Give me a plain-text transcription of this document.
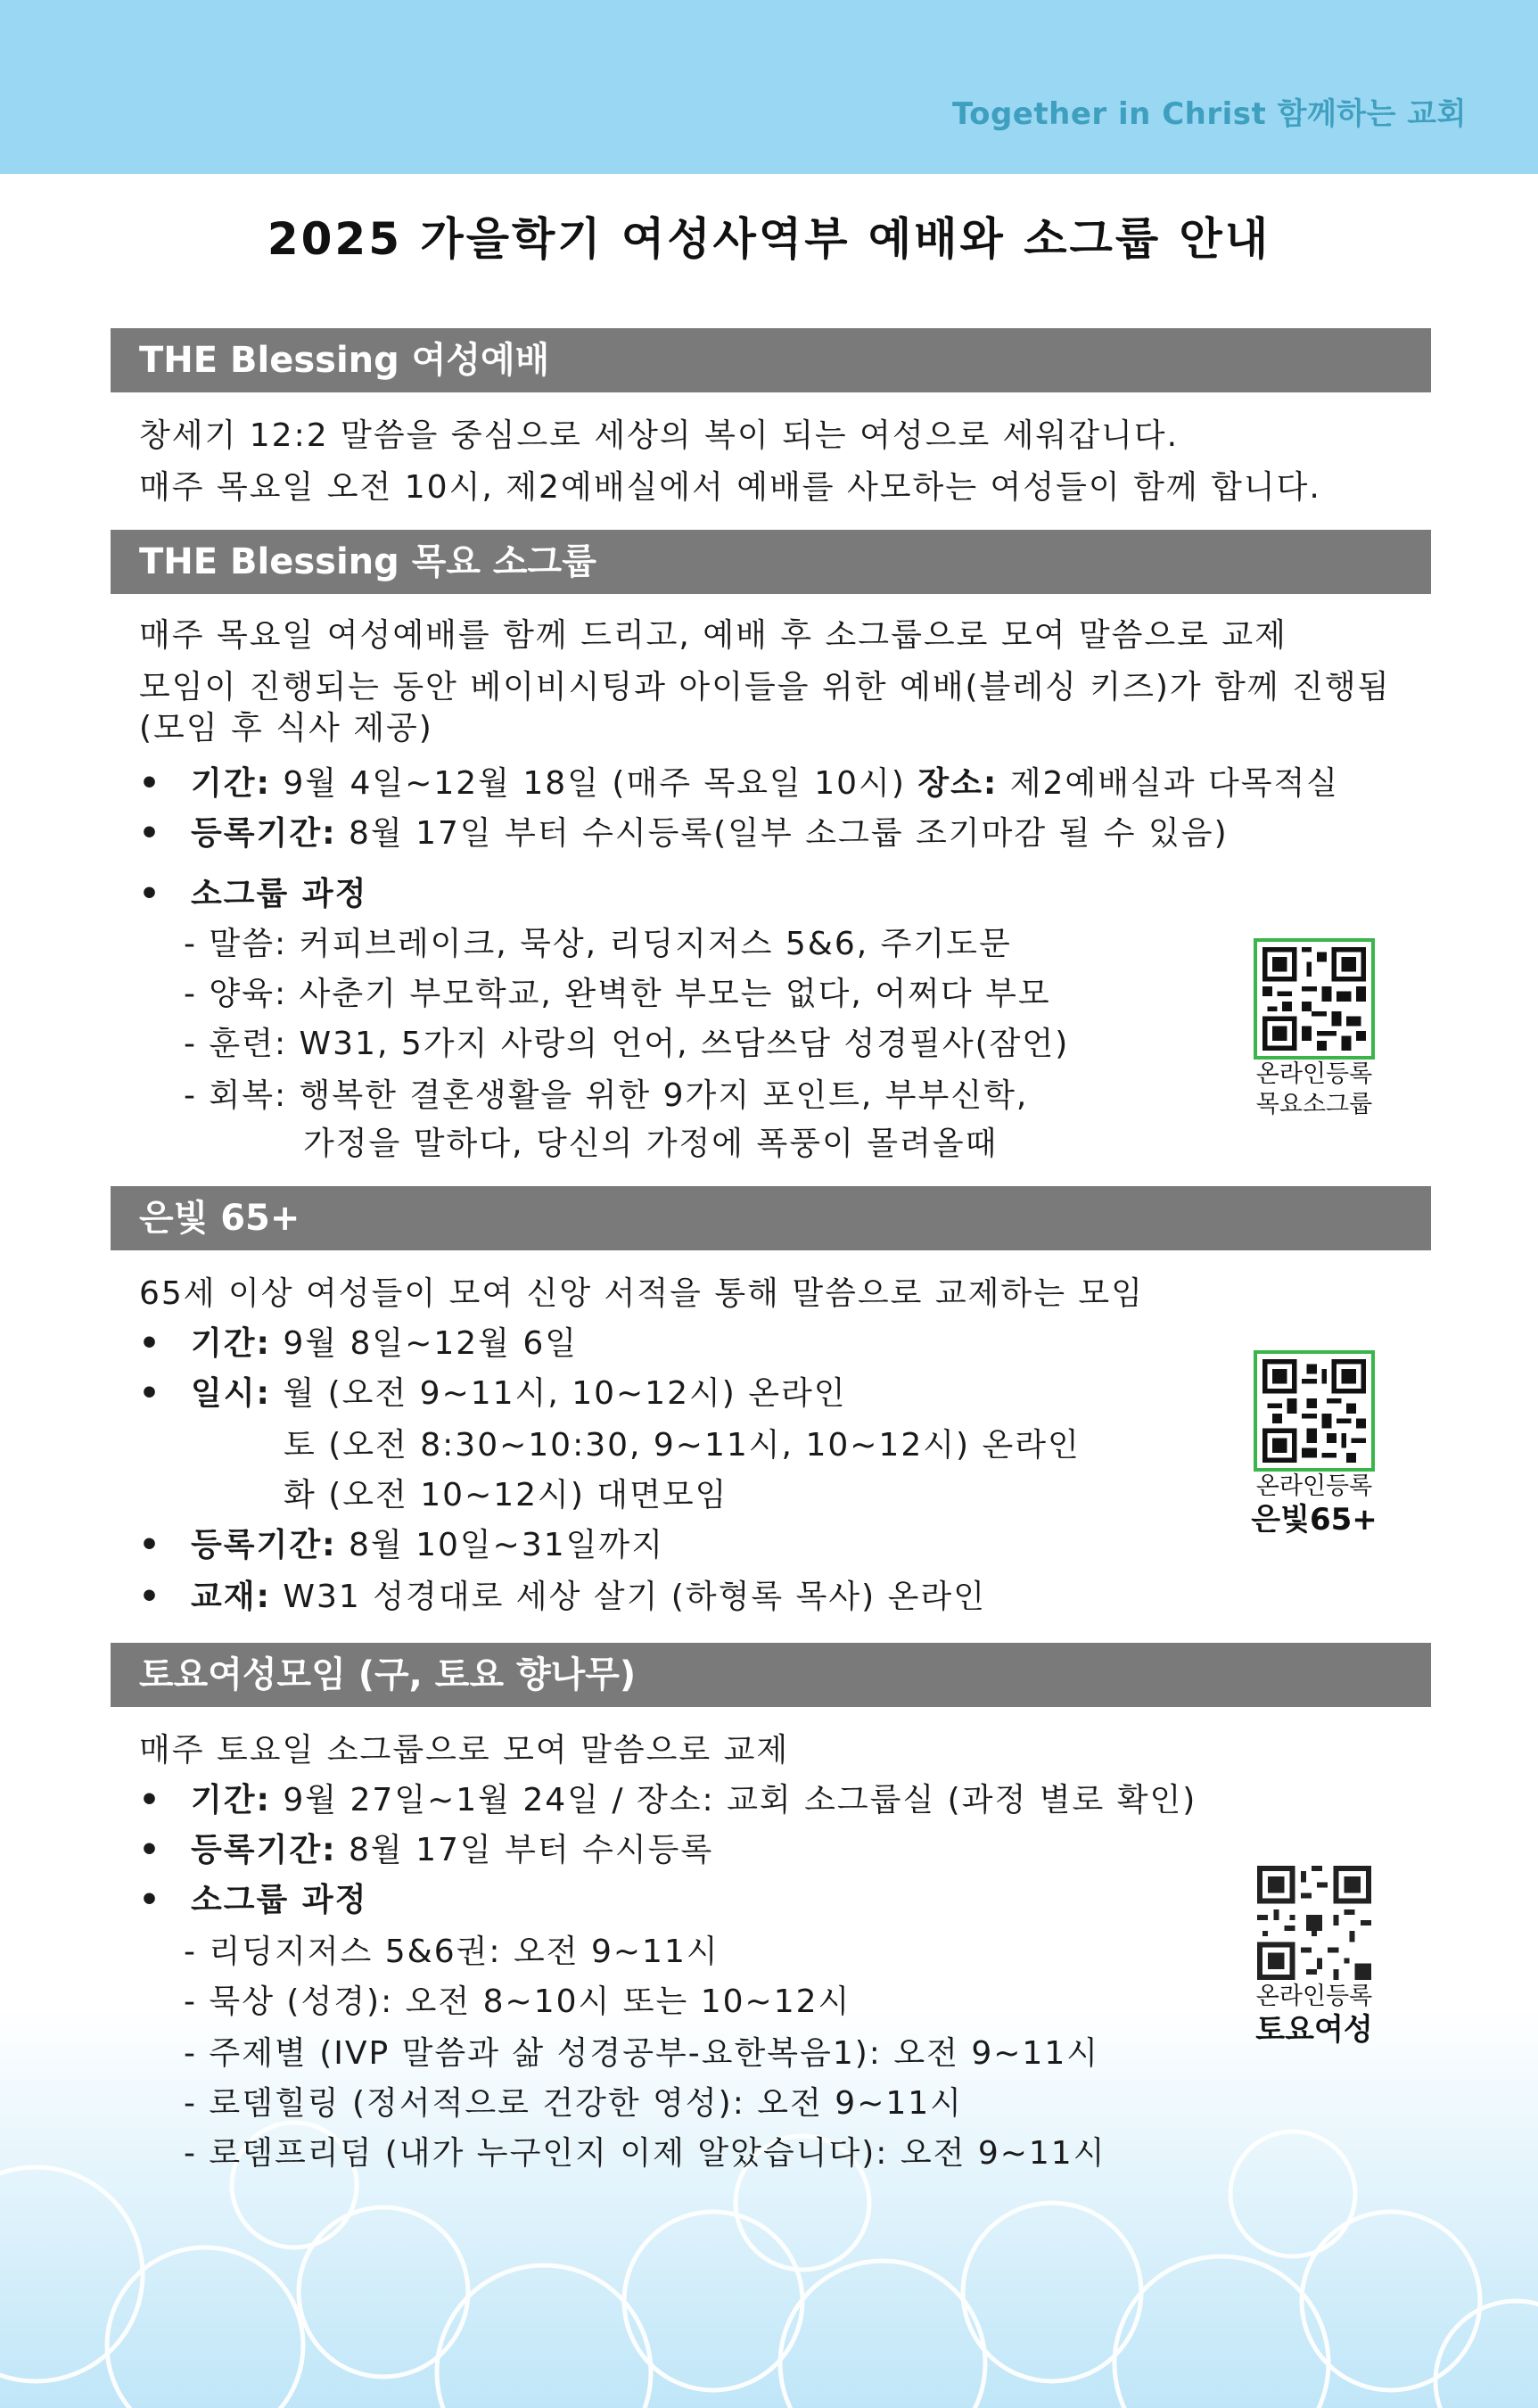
Together in Christ 함께하는 교회
2025 가을학기 여성사역부 예배와 소그룹 안내
THE Blessing 여성예배
창세기 12:2 말씀을 중심으로 세상의 복이 되는 여성으로 세워갑니다.
매주 목요일 오전 10시, 제2예배실에서 예배를 사모하는 여성들이 함께 합니다.
THE Blessing 목요 소그룹
매주 목요일 여성예배를 함께 드리고, 예배 후 소그룹으로 모여 말씀으로 교제
모임이 진행되는 동안 베이비시팅과 아이들을 위한 예배(블레싱 키즈)가 함께 진행됨
(모임 후 식사 제공)
• 기간: 9월 4일~12월 18일 (매주 목요일 10시) 장소: 제2예배실과 다목적실
• 등록기간: 8월 17일 부터 수시등록(일부 소그룹 조기마감 될 수 있음)
• 소그룹 과정
- 말씀: 커피브레이크, 묵상, 리딩지저스 5&6, 주기도문
- 양육: 사춘기 부모학교, 완벽한 부모는 없다, 어쩌다 부모
- 훈련: W31, 5가지 사랑의 언어, 쓰담쓰담 성경필사(잠언)
- 회복: 행복한 결혼생활을 위한 9가지 포인트, 부부신학,
가정을 말하다, 당신의 가정에 폭풍이 몰려올때
온라인등록
목요소그룹
은빛 65+
65세 이상 여성들이 모여 신앙 서적을 통해 말씀으로 교제하는 모임
• 기간: 9월 8일~12월 6일
• 일시: 월 (오전 9~11시, 10~12시) 온라인
토 (오전 8:30~10:30, 9~11시, 10~12시) 온라인
화 (오전 10~12시) 대면모임
• 등록기간: 8월 10일~31일까지
• 교재: W31 성경대로 세상 살기 (하형록 목사) 온라인
온라인등록
은빛65+
토요여성모임 (구, 토요 향나무)
매주 토요일 소그룹으로 모여 말씀으로 교제
• 기간: 9월 27일~1월 24일 / 장소: 교회 소그룹실 (과정 별로 확인)
• 등록기간: 8월 17일 부터 수시등록
• 소그룹 과정
- 리딩지저스 5&6권: 오전 9~11시
- 묵상 (성경): 오전 8~10시 또는 10~12시
- 주제별 (IVP 말씀과 삶 성경공부-요한복음1): 오전 9~11시
- 로뎀힐링 (정서적으로 건강한 영성): 오전 9~11시
- 로뎀프리덤 (내가 누구인지 이제 알았습니다): 오전 9~11시
온라인등록
토요여성
